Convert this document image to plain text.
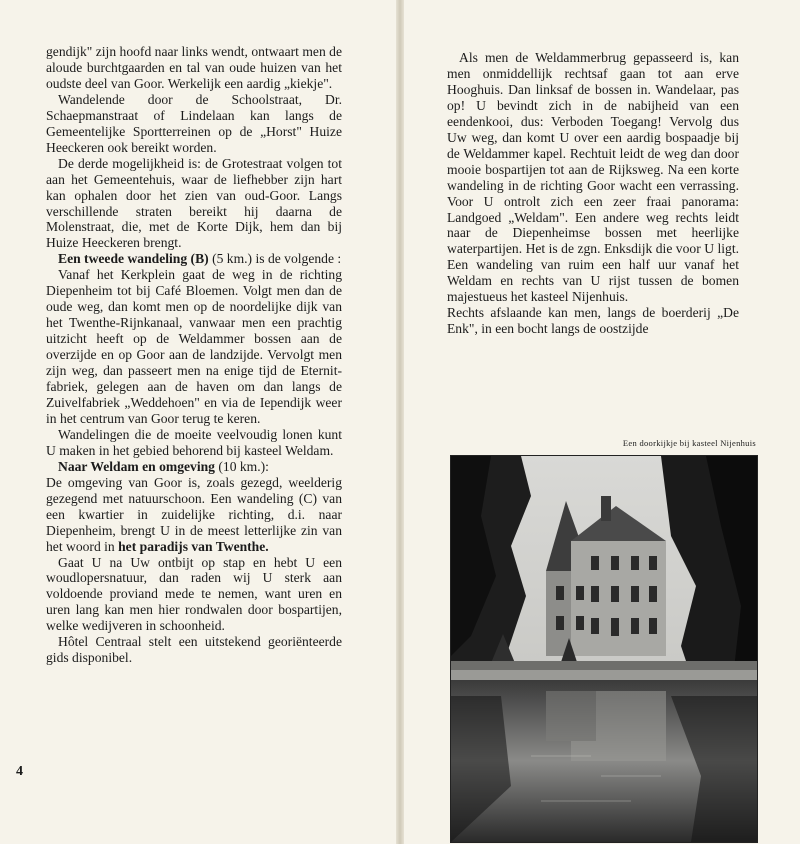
gendijk" zijn hoofd naar links wendt, ontwaart men de aloude burchtgaarden en tal van oude huizen van het oudste deel van Goor. Werkelijk een aardig „kiekje".

Wandelende door de Schoolstraat, Dr. Schaepmanstraat of Lindelaan kan langs de Gemeentelijke Sportterreinen op de „Horst" Huize Heeckeren ook bereikt worden.

De derde mogelijkheid is: de Grotestraat volgen tot aan het Gemeentehuis, waar de liefhebber zijn hart kan ophalen door het zien van oud-Goor. Langs verschillende straten bereikt hij daarna de Molenstraat, die, met de Korte Dijk, hem dan bij Huize Heeckeren brengt.

Een tweede wandeling (B) (5 km.) is de volgende :

Vanaf het Kerkplein gaat de weg in de richting Diepenheim tot bij Café Bloemen. Volgt men dan de oude weg, dan komt men op de noordelijke dijk van het Twenthe-Rijnkanaal, vanwaar men een prachtig uitzicht heeft op de Weldammer bossen aan de overzijde en op Goor aan de landzijde. Vervolgt men zijn weg, dan passeert men na enige tijd de Eternit-fabriek, gelegen aan de haven om dan langs de Zuivelfabriek „Weddehoen" en via de Iependijk weer in het centrum van Goor terug te keren.

Wandelingen die de moeite veelvoudig lonen kunt U maken in het gebied behorend bij kasteel Weldam.

Naar Weldam en omgeving (10 km.):

De omgeving van Goor is, zoals gezegd, weelderig gezegend met natuurschoon. Een wandeling (C) van een kwartier in zuidelijke richting, d.i. naar Diepenheim, brengt U in de meest letterlijke zin van het woord in het paradijs van Twenthe.

Gaat U na Uw ontbijt op stap en hebt U een woudlopersnatuur, dan raden wij U sterk aan voldoende proviand mede te nemen, want uren en uren lang kan men hier rondwalen door bospartijen, welke wedijveren in schoonheid.

Hôtel Centraal stelt een uitstekend georiënteerde gids disponibel.

4

Als men de Weldammerbrug gepasseerd is, kan men onmiddellijk rechtsaf gaan tot aan erve Hooghuis. Dan linksaf de bossen in. Wandelaar, pas op! U bevindt zich in de nabijheid van een eendenkooi, dus: Verboden Toegang! Vervolg dus Uw weg, dan komt U over een aardig bospaadje bij de Weldammer kapel. Rechtuit leidt de weg dan door mooie bospartijen tot aan de Rijksweg. Na een korte wandeling in de richting Goor wacht een verrassing. Voor U ontrolt zich een zeer fraai panorama: Landgoed „Weldam". Een andere weg rechts leidt naar de Diepenheimse bossen met heerlijke waterpartijen. Het is de zgn. Enksdijk die voor U ligt. Een wandeling van ruim een half uur vanaf het Weldam en rechts van U rijst tussen de bomen majestueus het kasteel Nijenhuis.

Rechts afslaande kan men, langs de boerderij „De Enk", in een bocht langs de oostzijde

Een doorkijkje bij kasteel Nijenhuis
